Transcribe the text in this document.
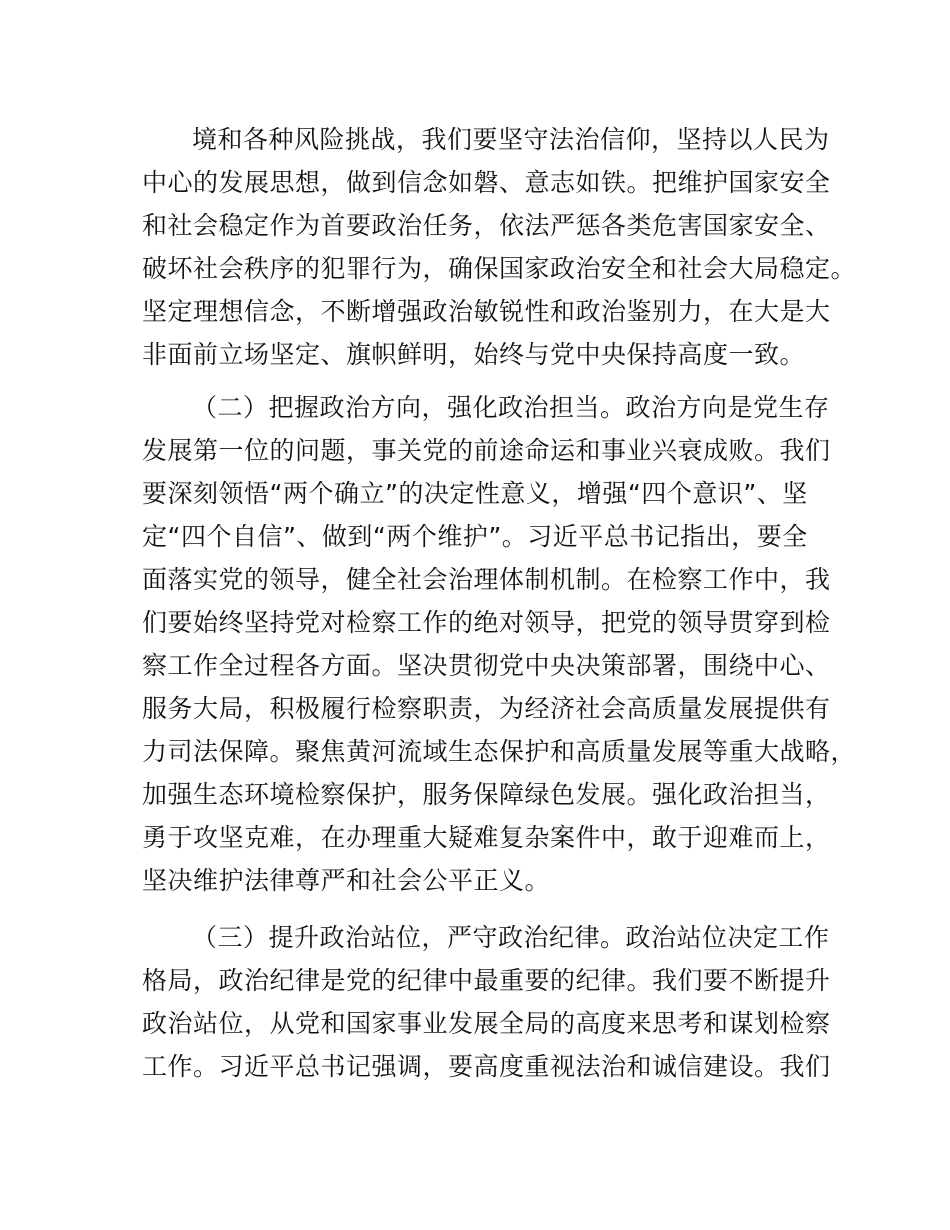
境和各种风险挑战，我们要坚守法治信仰，坚持以人民为
中心的发展思想，做到信念如磐、意志如铁。把维护国家安全
和社会稳定作为首要政治任务，依法严惩各类危害国家安全、
破坏社会秩序的犯罪行为，确保国家政治安全和社会大局稳定。
坚定理想信念，不断增强政治敏锐性和政治鉴别力，在大是大
非面前立场坚定、旗帜鲜明，始终与党中央保持高度一致。
（二）把握政治方向，强化政治担当。政治方向是党生存
发展第一位的问题，事关党的前途命运和事业兴衰成败。我们
要深刻领悟“两个确立”的决定性意义，增强“四个意识”、坚
定“四个自信”、做到“两个维护”。习近平总书记指出，要全
面落实党的领导，健全社会治理体制机制。在检察工作中，我
们要始终坚持党对检察工作的绝对领导，把党的领导贯穿到检
察工作全过程各方面。坚决贯彻党中央决策部署，围绕中心、
服务大局，积极履行检察职责，为经济社会高质量发展提供有
力司法保障。聚焦黄河流域生态保护和高质量发展等重大战略，
加强生态环境检察保护，服务保障绿色发展。强化政治担当，
勇于攻坚克难，在办理重大疑难复杂案件中，敢于迎难而上，
坚决维护法律尊严和社会公平正义。
（三）提升政治站位，严守政治纪律。政治站位决定工作
格局，政治纪律是党的纪律中最重要的纪律。我们要不断提升
政治站位，从党和国家事业发展全局的高度来思考和谋划检察
工作。习近平总书记强调，要高度重视法治和诚信建设。我们
